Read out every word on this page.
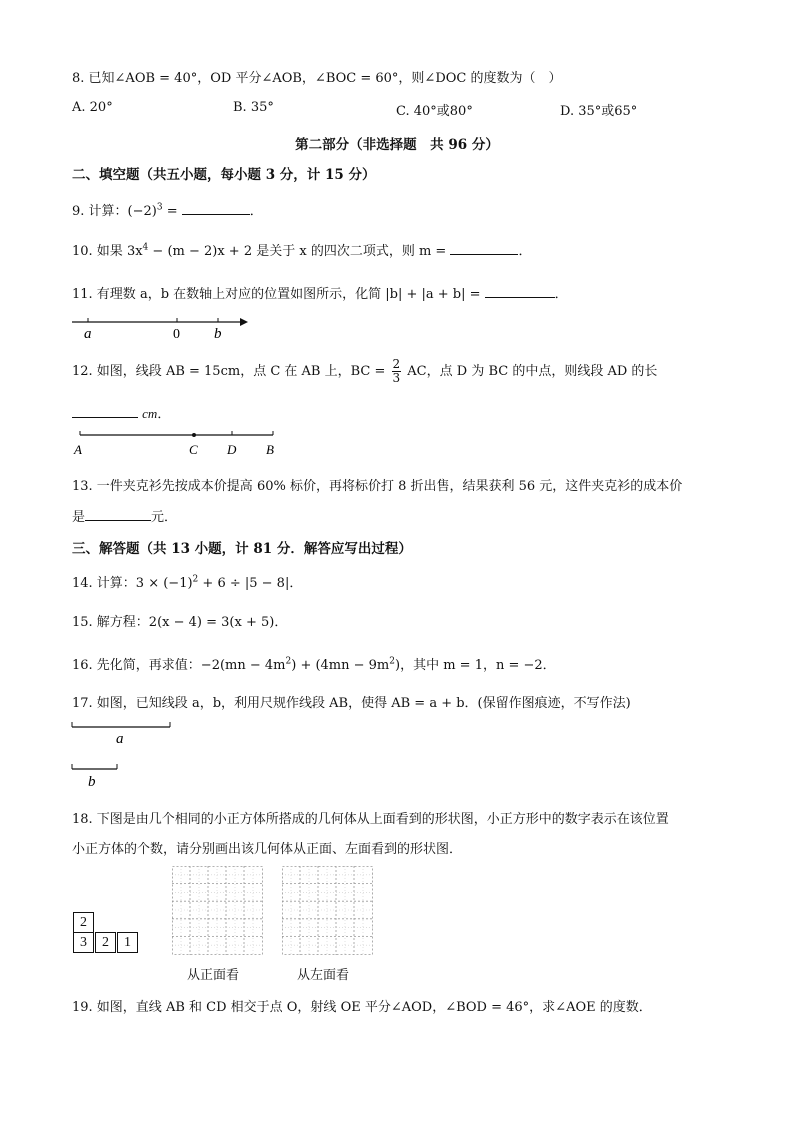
8. 已知∠AOB = 40°，OD 平分∠AOB，∠BOC = 60°，则∠DOC 的度数为（　）
A. 20°	B. 35°	C. 40°或80°	D. 35°或65°
第二部分（非选择题　共 96 分）
二、填空题（共五小题，每小题 3 分，计 15 分）
9. 计算：$(-2)^3$ =	．
10. 如果 $3x^4 - (m - 2)x + 2$ 是关于 x 的四次二项式，则 m =	．
11. 有理数 a，b 在数轴上对应的位置如图所示，化简 |b| + |a + b| =	．
a	0 b
12. 如图，线段 AB = 15cm，点 C 在 AB 上，BC = $\frac{2}{3}$ AC，点 D 为 BC 的中点，则线段 AD 的长
cm．
A	C D B
13. 一件夹克衫先按成本价提高 60% 标价，再将标价打 8 折出售，结果获利 56 元，这件夹克衫的成本价
是	元．
三、解答题（共 13 小题，计 81 分．解答应写出过程）
14. 计算：$3 \times (-1)^2 + 6 \div |5 - 8|$．
15. 解方程：2(x − 4) = 3(x + 5)．
16. 先化简，再求值：$-2(mn - 4m^2) + (4mn - 9m^2)$，其中 m = 1，n = −2．
17. 如图，已知线段 a，b，利用尺规作线段 AB，使得 AB = a + b．(保留作图痕迹，不写作法)
a
b
18. 下图是由几个相同的小正方体所搭成的几何体从上面看到的形状图，小正方形中的数字表示在该位置
小正方体的个数，请分别画出该几何体从正面、左面看到的形状图．
2
3	2	1
从正面看	从左面看
19. 如图，直线 AB 和 CD 相交于点 O，射线 OE 平分∠AOD，∠BOD = 46°，求∠AOE 的度数．
